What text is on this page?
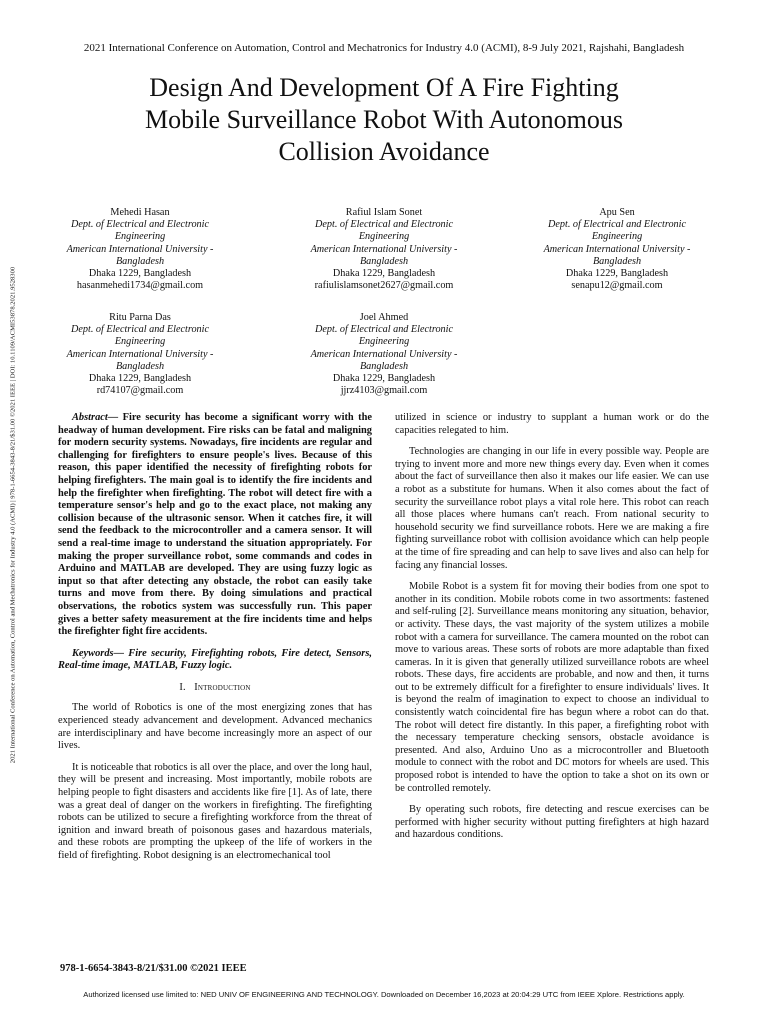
2021 International Conference on Automation, Control and Mechatronics for Industry 4.0 (ACMI), 8-9 July 2021, Rajshahi, Bangladesh
Design And Development Of A Fire Fighting
Mobile Surveillance Robot With Autonomous
Collision Avoidance
2021 International Conference on Automation, Control and Mechatronics for Industry 4.0 (ACMI) | 978-1-6654-3843-8/21/$31.00 ©2021 IEEE | DOI: 10.1109/ACMI53878.2021.9528300
Mehedi Hasan
Dept. of Electrical and Electronic
Engineering
American International University -
Bangladesh
Dhaka 1229, Bangladesh
hasanmehedi1734@gmail.com
Rafiul Islam Sonet
Dept. of Electrical and Electronic
Engineering
American International University -
Bangladesh
Dhaka 1229, Bangladesh
rafiulislamsonet2627@gmail.com
Apu Sen
Dept. of Electrical and Electronic
Engineering
American International University -
Bangladesh
Dhaka 1229, Bangladesh
senapu12@gmail.com
Ritu Parna Das
Dept. of Electrical and Electronic
Engineering
American International University -
Bangladesh
Dhaka 1229, Bangladesh
rd74107@gmail.com
Joel Ahmed
Dept. of Electrical and Electronic
Engineering
American International University -
Bangladesh
Dhaka 1229, Bangladesh
jjrz4103@gmail.com

Abstract— Fire security has become a significant worry with the headway of human development. Fire risks can be fatal and maligning for modern security systems. Nowadays, fire incidents are regular and challenging for firefighters to ensure people's lives. Because of this reason, this paper identified the necessity of firefighting robots for helping firefighters. The main goal is to identify the fire incidents and help the firefighter when firefighting. The robot will detect fire with a temperature sensor's help and go to the exact place, not making any collision because of the ultrasonic sensor. When it catches fire, it will send the feedback to the microcontroller and a camera sensor. It will send a real-time image to understand the situation appropriately. For making the proper surveillance robot, some commands and codes in Arduino and MATLAB are developed. They are using fuzzy logic as input so that after detecting any obstacle, the robot can easily take turns and move from there. By doing simulations and practical observations, the robotics system was successfully run. This paper gives a better safety measurement at the fire incidents time and helps the firefighter fight fire accidents.

Keywords— Fire security, Firefighting robots, Fire detect, Sensors, Real-time image, MATLAB, Fuzzy logic.

I. Introduction

The world of Robotics is one of the most energizing zones that has experienced steady advancement and development. Advanced mechanics are interdisciplinary and have become increasingly more an aspect of our lives.

It is noticeable that robotics is all over the place, and over the long haul, they will be present and increasing. Most importantly, mobile robots are helping people to fight disasters and accidents like fire [1]. As of late, there was a great deal of danger on the workers in firefighting. The firefighting robots can be utilized to secure a firefighting workforce from the threat of ignition and inward breath of poisonous gases and hazardous materials, and these robots are prompting the upkeep of the life of workers in the field of firefighting. Robot designing is an electromechanical tool

utilized in science or industry to supplant a human work or do the capacities relegated to him.

Technologies are changing in our life in every possible way. People are trying to invent more and more new things every day. Even when it comes about the fact of surveillance then also it makes our life easier. We can use a robot as a substitute for humans. When it also comes about the fact of security the surveillance robot plays a vital role here. This robot can reach all those places where humans can't reach. From national security to household security we find surveillance robots. Here we are making a fire fighting surveillance robot with collision avoidance which can help people at the time of fire spreading and can help to save lives and also can help for facing any financial losses.

Mobile Robot is a system fit for moving their bodies from one spot to another in its condition. Mobile robots come in two assortments: fastened and self-ruling [2]. Surveillance means monitoring any situation, behavior, or activity. These days, the vast majority of the system utilizes a mobile robot with a camera for surveillance. The camera mounted on the robot can move to various areas. These sorts of robots are more adaptable than fixed cameras. In it is given that generally utilized surveillance robots are wheel robots. These days, fire accidents are probable, and now and then, it turns out to be extremely difficult for a firefighter to ensure individuals' lives. It is beyond the realm of imagination to expect to choose an individual to consistently watch coincidental fire has begun where a robot can do that. The robot will detect fire distantly. In this paper, a firefighting robot with the necessary temperature checking sensors, obstacle avoidance is presented. And also, Arduino Uno as a microcontroller and Bluetooth module to connect with the robot and DC motors for wheels are used. This proposed robot is intended to have the option to take a shot on its own or be controlled remotely.

By operating such robots, fire detecting and rescue exercises can be performed with higher security without putting firefighters at high hazard and hazardous conditions.

978-1-6654-3843-8/21/$31.00 ©2021 IEEE
Authorized licensed use limited to: NED UNIV OF ENGINEERING AND TECHNOLOGY. Downloaded on December 16,2023 at 20:04:29 UTC from IEEE Xplore. Restrictions apply.
